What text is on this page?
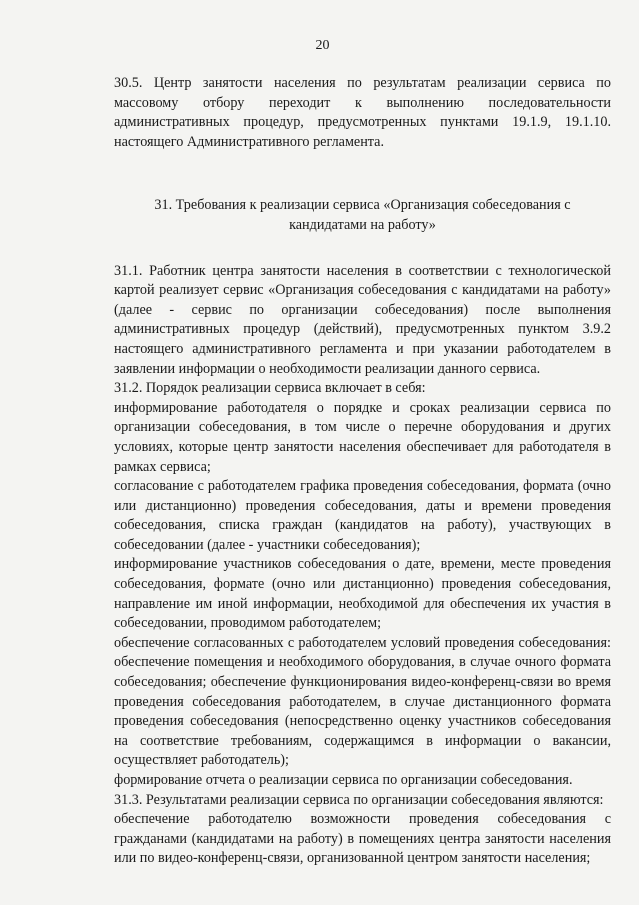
20

30.5. Центр занятости населения по результатам реализации сервиса по массовому отбору переходит к выполнению последовательности административных процедур, предусмотренных пунктами 19.1.9, 19.1.10. настоящего Административного регламента.

31. Требования к реализации сервиса «Организация собеседования с кандидатами на работу»

31.1. Работник центра занятости населения в соответствии с технологической картой реализует сервис «Организация собеседования с кандидатами на работу» (далее - сервис по организации собеседования) после выполнения административных процедур (действий), предусмотренных пунктом 3.9.2 настоящего административного регламента и при указании работодателем в заявлении информации о необходимости реализации данного сервиса.

31.2. Порядок реализации сервиса включает в себя:

информирование работодателя о порядке и сроках реализации сервиса по организации собеседования, в том числе о перечне оборудования и других условиях, которые центр занятости населения обеспечивает для работодателя в рамках сервиса;

согласование с работодателем графика проведения собеседования, формата (очно или дистанционно) проведения собеседования, даты и времени проведения собеседования, списка граждан (кандидатов на работу), участвующих в собеседовании (далее - участники собеседования);

информирование участников собеседования о дате, времени, месте проведения собеседования, формате (очно или дистанционно) проведения собеседования, направление им иной информации, необходимой для обеспечения их участия в собеседовании, проводимом работодателем;

обеспечение согласованных с работодателем условий проведения собеседования: обеспечение помещения и необходимого оборудования, в случае очного формата собеседования; обеспечение функционирования видео-конференц-связи во время проведения собеседования работодателем, в случае дистанционного формата проведения собеседования (непосредственно оценку участников собеседования на соответствие требованиям, содержащимся в информации о вакансии, осуществляет работодатель);

формирование отчета о реализации сервиса по организации собеседования.

31.3. Результатами реализации сервиса по организации собеседования являются:

обеспечение работодателю возможности проведения собеседования с гражданами (кандидатами на работу) в помещениях центра занятости населения или по видео-конференц-связи, организованной центром занятости населения;
